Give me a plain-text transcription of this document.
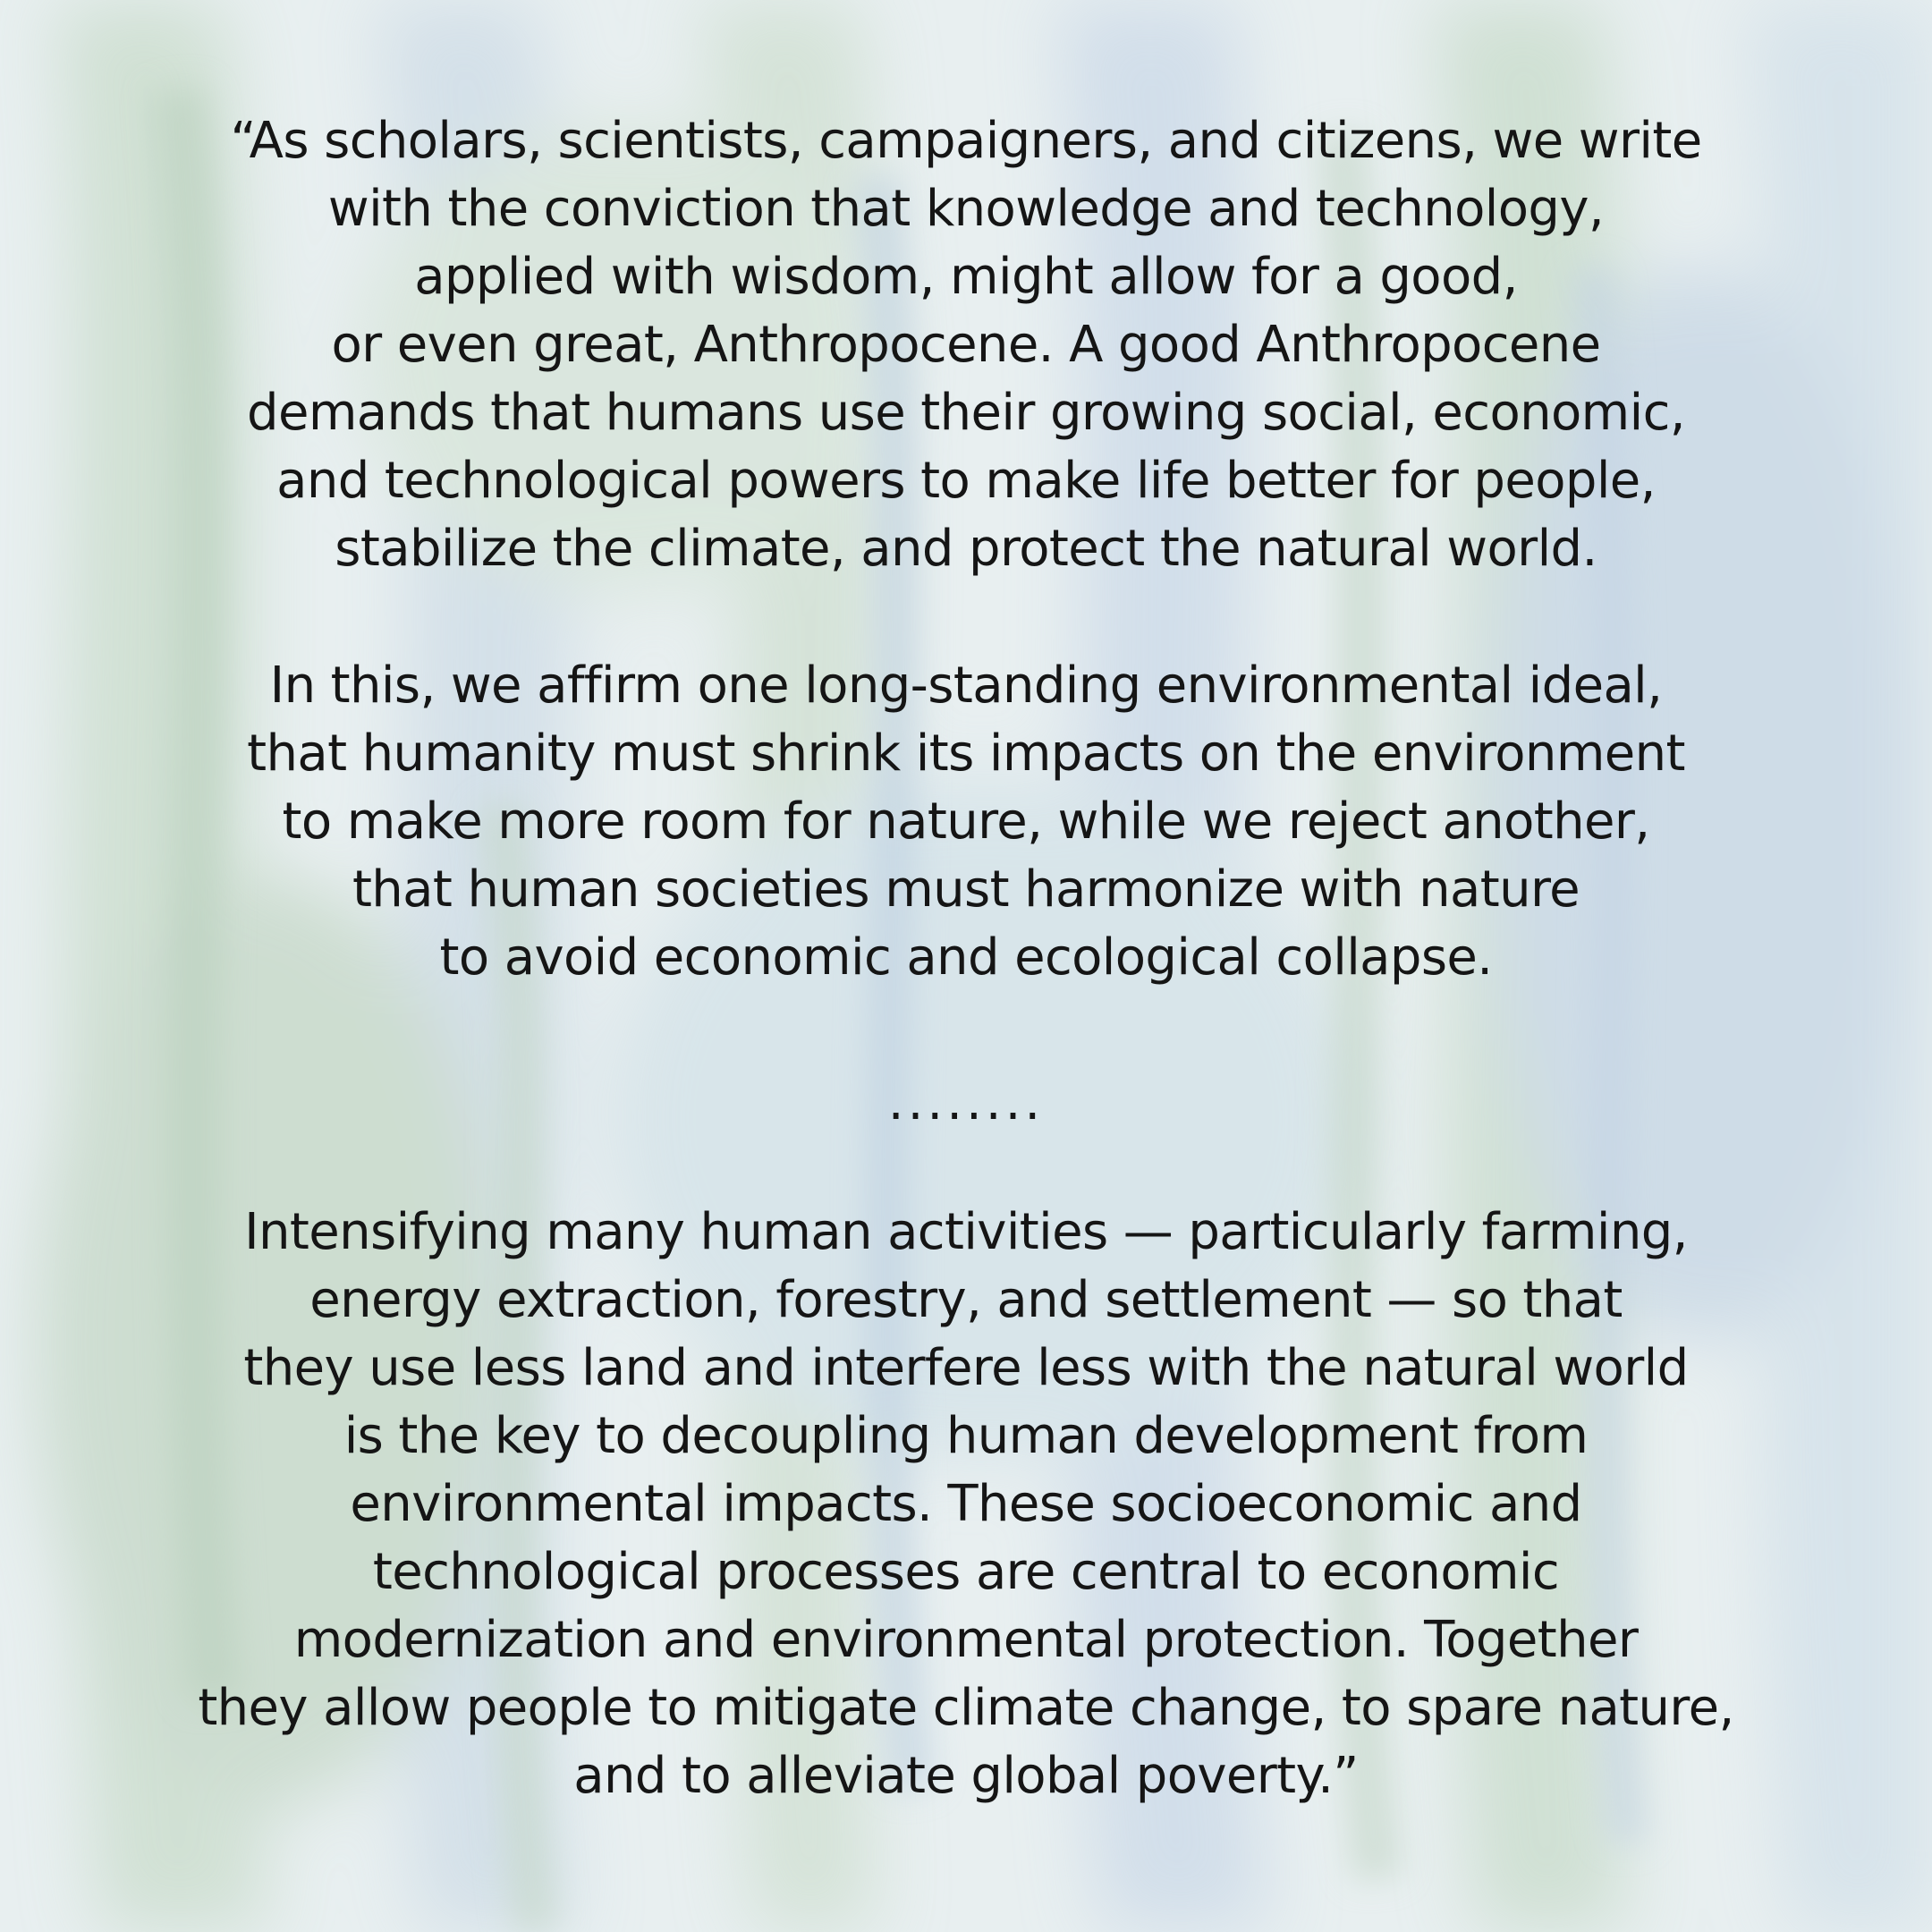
“As scholars, scientists, campaigners, and citizens, we write
with the conviction that knowledge and technology,
applied with wisdom, might allow for a good,
or even great, Anthropocene. A good Anthropocene
demands that humans use their growing social, economic,
and technological powers to make life better for people,
stabilize the climate, and protect the natural world.
In this, we affirm one long-standing environmental ideal,
that humanity must shrink its impacts on the environment
to make more room for nature, while we reject another,
that human societies must harmonize with nature
to avoid economic and ecological collapse.
........
Intensifying many human activities — particularly farming,
energy extraction, forestry, and settlement — so that
they use less land and interfere less with the natural world
is the key to decoupling human development from
environmental impacts. These socioeconomic and
technological processes are central to economic
modernization and environmental protection. Together
they allow people to mitigate climate change, to spare nature,
and to alleviate global poverty.”
